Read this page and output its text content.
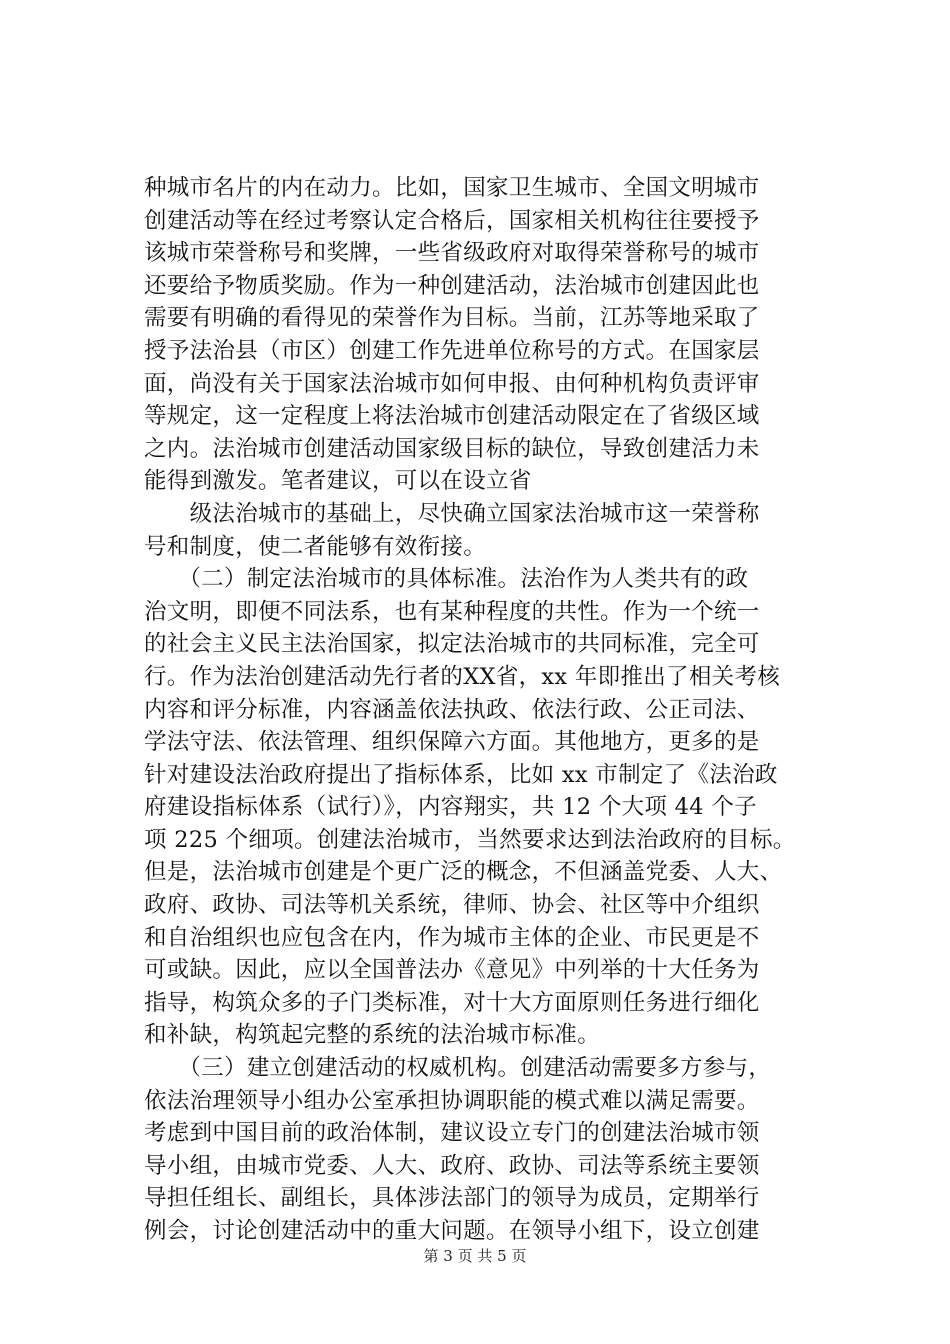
种城市名片的内在动力。比如，国家卫生城市、全国文明城市
创建活动等在经过考察认定合格后，国家相关机构往往要授予
该城市荣誉称号和奖牌，一些省级政府对取得荣誉称号的城市
还要给予物质奖励。作为一种创建活动，法治城市创建因此也
需要有明确的看得见的荣誉作为目标。当前，江苏等地采取了
授予法治县（市区）创建工作先进单位称号的方式。在国家层
面，尚没有关于国家法治城市如何申报、由何种机构负责评审
等规定，这一定程度上将法治城市创建活动限定在了省级区域
之内。法治城市创建活动国家级目标的缺位，导致创建活力未
能得到激发。笔者建议，可以在设立省
　　级法治城市的基础上，尽快确立国家法治城市这一荣誉称
号和制度，使二者能够有效衔接。
　　（二）制定法治城市的具体标准。法治作为人类共有的政
治文明，即便不同法系，也有某种程度的共性。作为一个统一
的社会主义民主法治国家，拟定法治城市的共同标准，完全可
行。作为法治创建活动先行者的XX省，xx 年即推出了相关考核
内容和评分标准，内容涵盖依法执政、依法行政、公正司法、
学法守法、依法管理、组织保障六方面。其他地方，更多的是
针对建设法治政府提出了指标体系，比如 xx 市制定了《法治政
府建设指标体系（试行）》，内容翔实，共 12 个大项 44 个子
项 225 个细项。创建法治城市，当然要求达到法治政府的目标。
但是，法治城市创建是个更广泛的概念，不但涵盖党委、人大、
政府、政协、司法等机关系统，律师、协会、社区等中介组织
和自治组织也应包含在内，作为城市主体的企业、市民更是不
可或缺。因此，应以全国普法办《意见》中列举的十大任务为
指导，构筑众多的子门类标准，对十大方面原则任务进行细化
和补缺，构筑起完整的系统的法治城市标准。
　　（三）建立创建活动的权威机构。创建活动需要多方参与，
依法治理领导小组办公室承担协调职能的模式难以满足需要。
考虑到中国目前的政治体制，建议设立专门的创建法治城市领
导小组，由城市党委、人大、政府、政协、司法等系统主要领
导担任组长、副组长，具体涉法部门的领导为成员，定期举行
例会，讨论创建活动中的重大问题。在领导小组下，设立创建
第 3 页 共 5 页
